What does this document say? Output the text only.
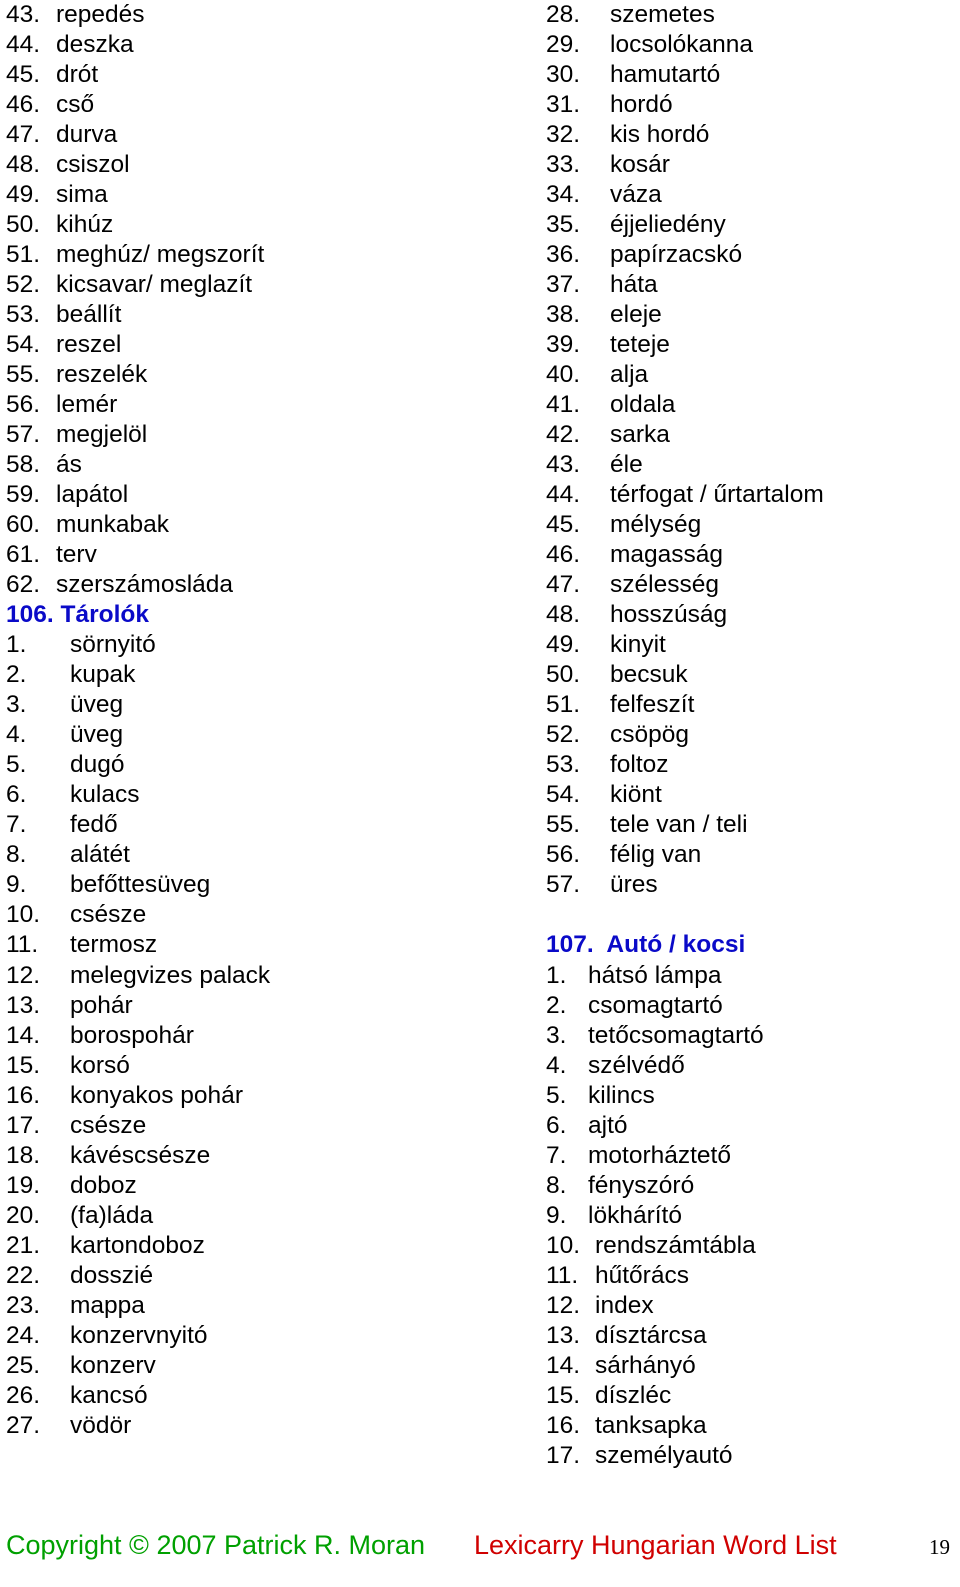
43. repedés
44. deszka
45. drót
46. cső
47. durva
48. csiszol
49. sima
50. kihúz
51. meghúz/ megszorít
52. kicsavar/ meglazít
53. beállít
54. reszel
55. reszelék
56. lemér
57. megjelöl
58. ás
59. lapátol
60. munkabak
61. terv
62. szerszámosláda
106. Tárolók
1. sörnyitó
2. kupak
3. üveg
4. üveg
5. dugó
6. kulacs
7. fedő
8. alátét
9. befőttesüveg
10. csésze
11. termosz
12. melegvizes palack
13. pohár
14. borospohár
15. korsó
16. konyakos pohár
17. csésze
18. kávéscsésze
19. doboz
20. (fa)láda
21. kartondoboz
22. dosszié
23. mappa
24. konzervnyitó
25. konzerv
26. kancsó
27. vödör
28. szemetes
29. locsolókanna
30. hamutartó
31. hordó
32. kis hordó
33. kosár
34. váza
35. éjjeliedény
36. papírzacskó
37. háta
38. eleje
39. teteje
40. alja
41. oldala
42. sarka
43. éle
44. térfogat / űrtartalom
45. mélység
46. magasság
47. szélesség
48. hosszúság
49. kinyit
50. becsuk
51. felfeszít
52. csöpög
53. foltoz
54. kiönt
55. tele van / teli
56. félig van
57. üres
107. Autó / kocsi
1. hátsó lámpa
2. csomagtartó
3. tetőcsomagtartó
4. szélvédő
5. kilincs
6. ajtó
7. motorháztető
8. fényszóró
9. lökhárító
10. rendszámtábla
11. hűtőrács
12. index
13. dísztárcsa
14. sárhányó
15. díszléc
16. tanksapka
17. személyautó
Copyright © 2007 Patrick R. Moran Lexicarry Hungarian Word List	19
